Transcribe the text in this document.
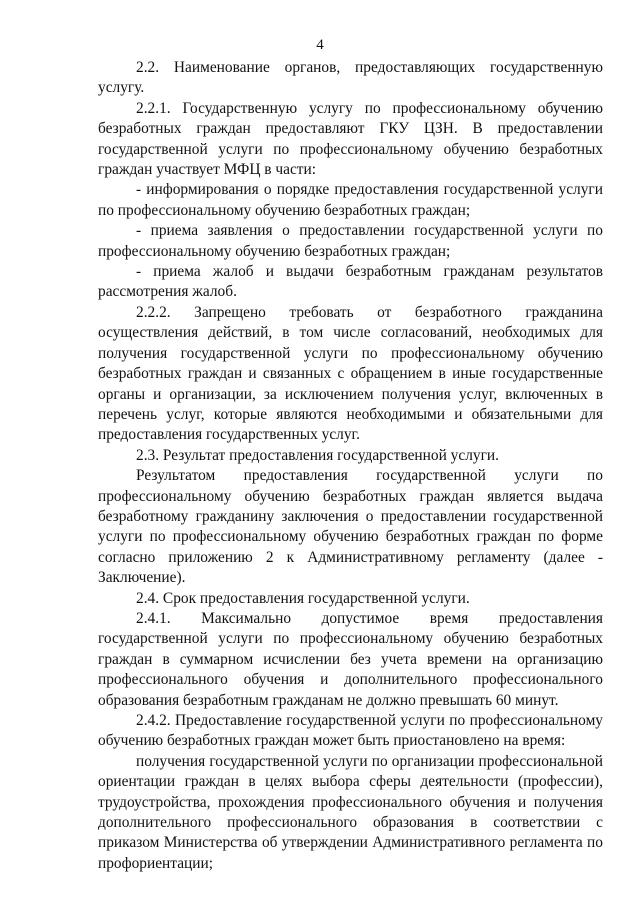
4

2.2. Наименование органов, предоставляющих государственную услугу.

2.2.1. Государственную услугу по профессиональному обучению безработных граждан предоставляют ГКУ ЦЗН. В предоставлении государственной услуги по профессиональному обучению безработных граждан участвует МФЦ в части:

- информирования о порядке предоставления государственной услуги по профессиональному обучению безработных граждан;

- приема заявления о предоставлении государственной услуги по профессиональному обучению безработных граждан;

- приема жалоб и выдачи безработным гражданам результатов рассмотрения жалоб.

2.2.2. Запрещено требовать от безработного гражданина осуществления действий, в том числе согласований, необходимых для получения государственной услуги по профессиональному обучению безработных граждан и связанных с обращением в иные государственные органы и организации, за исключением получения услуг, включенных в перечень услуг, которые являются необходимыми и обязательными для предоставления государственных услуг.

2.3. Результат предоставления государственной услуги.

Результатом предоставления государственной услуги по профессиональному обучению безработных граждан является выдача безработному гражданину заключения о предоставлении государственной услуги по профессиональному обучению безработных граждан по форме согласно приложению 2 к Административному регламенту (далее - Заключение).

2.4. Срок предоставления государственной услуги.

2.4.1. Максимально допустимое время предоставления государственной услуги по профессиональному обучению безработных граждан в суммарном исчислении без учета времени на организацию профессионального обучения и дополнительного профессионального образования безработным гражданам не должно превышать 60 минут.

2.4.2. Предоставление государственной услуги по профессиональному обучению безработных граждан может быть приостановлено на время:

получения государственной услуги по организации профессиональной ориентации граждан в целях выбора сферы деятельности (профессии), трудоустройства, прохождения профессионального обучения и получения дополнительного профессионального образования в соответствии с приказом Министерства об утверждении Административного регламента по профориентации;
